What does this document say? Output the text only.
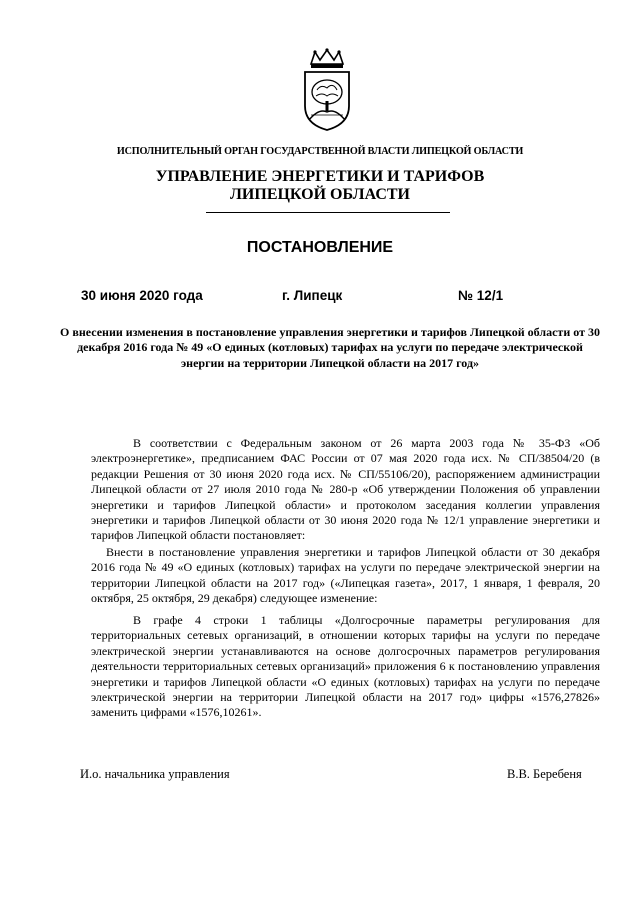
ИСПОЛНИТЕЛЬНЫЙ ОРГАН ГОСУДАРСТВЕННОЙ ВЛАСТИ ЛИПЕЦКОЙ ОБЛАСТИ
УПРАВЛЕНИЕ ЭНЕРГЕТИКИ И ТАРИФОВ
ЛИПЕЦКОЙ ОБЛАСТИ
ПОСТАНОВЛЕНИЕ
30 июня 2020 года	г. Липецк	№ 12/1
О внесении изменения в постановление управления энергетики и тарифов Липецкой области от 30 декабря 2016 года № 49 «О единых (котловых) тарифах на услуги по передаче электрической энергии на территории Липецкой области на 2017 год»
В соответствии с Федеральным законом от 26 марта 2003 года № 35-ФЗ «Об электроэнергетике», предписанием ФАС России от 07 мая 2020 года исх. № СП/38504/20 (в редакции Решения от 30 июня 2020 года исх. № СП/55106/20), распоряжением администрации Липецкой области от 27 июля 2010 года № 280-р «Об утверждении Положения об управлении энергетики и тарифов Липецкой области» и протоколом заседания коллегии управления энергетики и тарифов Липецкой области от 30 июня 2020 года № 12/1 управление энергетики и тарифов Липецкой области постановляет:
Внести в постановление управления энергетики и тарифов Липецкой области от 30 декабря 2016 года № 49 «О единых (котловых) тарифах на услуги по передаче электрической энергии на территории Липецкой области на 2017 год» («Липецкая газета», 2017, 1 января, 1 февраля, 20 октября, 25 октября, 29 декабря) следующее изменение:
В графе 4 строки 1 таблицы «Долгосрочные параметры регулирования для территориальных сетевых организаций, в отношении которых тарифы на услуги по передаче электрической энергии устанавливаются на основе долгосрочных параметров регулирования деятельности территориальных сетевых организаций» приложения 6 к постановлению управления энергетики и тарифов Липецкой области «О единых (котловых) тарифах на услуги по передаче электрической энергии на территории Липецкой области на 2017 год» цифры «1576,27826» заменить цифрами «1576,10261».
И.о. начальника управления	В.В. Беребеня
